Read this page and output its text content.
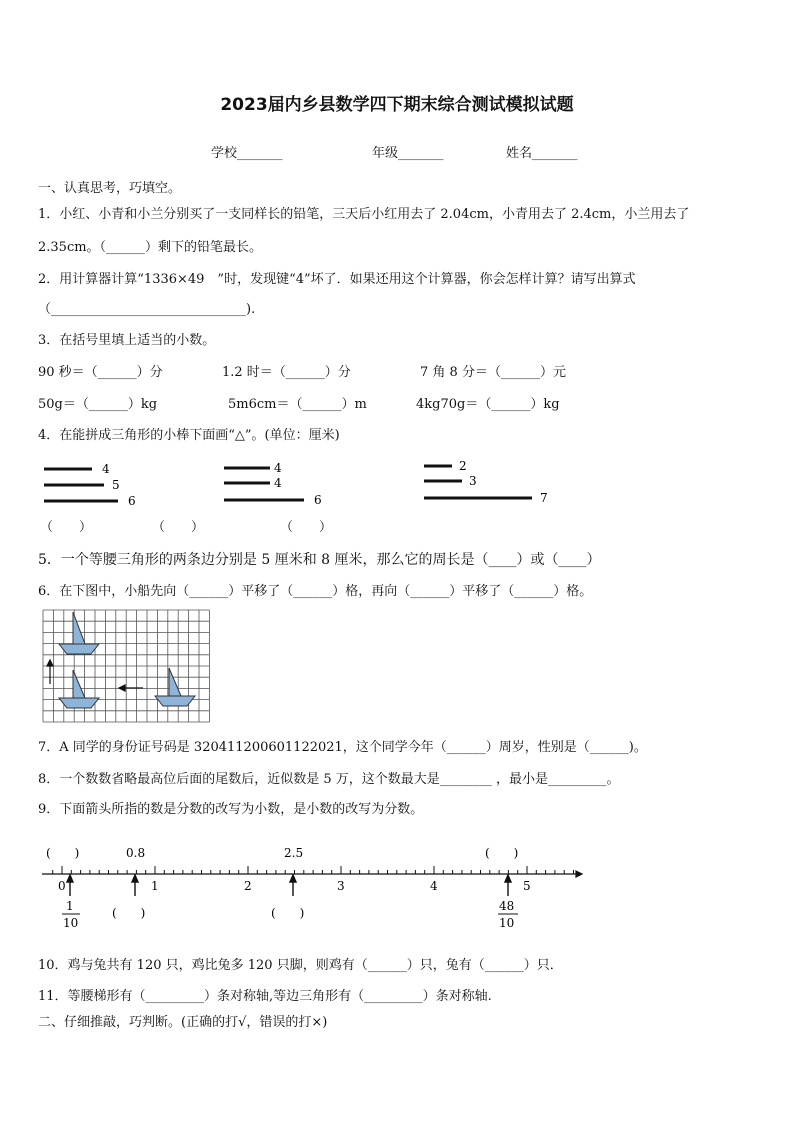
2023届内乡县数学四下期末综合测试模拟试题
学校_______	年级_______	姓名_______
一、认真思考，巧填空。
1．小红、小青和小兰分别买了一支同样长的铅笔，三天后小红用去了 2.04cm，小青用去了 2.4cm，小兰用去了
2.35cm。（______）剩下的铅笔最长。
2．用计算器计算“1336×49　”时，发现键“4”坏了．如果还用这个计算器，你会怎样计算？请写出算式
（______________________________).
3．在括号里填上适当的小数。
90 秒＝（______）分	1.2 时＝（______）分	7 角 8 分＝（______）元
50g＝（______）kg	5m6cm＝（______）m	4kg70g＝（______）kg
4．在能拼成三角形的小棒下面画“△”。(单位：厘米)
4
5
6
4
4
6
2
3
7
（　　）	（　　）	（　　）
5．一个等腰三角形的两条边分别是 5 厘米和 8 厘米，那么它的周长是（____）或（____）
6．在下图中，小船先向（______）平移了（______）格，再向（______）平移了（______）格。
7．A 同学的身份证号码是 320411200601122021，这个同学今年（______）周岁，性别是（______)。
8．一个数数省略最高位后面的尾数后，近似数是 5 万，这个数最大是________ ，最小是_________。
9．下面箭头所指的数是分数的改写为小数，是小数的改写为分数。
(　　)	0.8	2.5	(　　)
0	1	2	3	4	5
1
10
(　　)	(　　)	48
10
10．鸡与兔共有 120 只，鸡比兔多 120 只脚，则鸡有（______）只，兔有（______）只．
11．等腰梯形有（_________）条对称轴,等边三角形有（_________）条对称轴.
二、仔细推敲，巧判断。(正确的打√，错误的打×)
